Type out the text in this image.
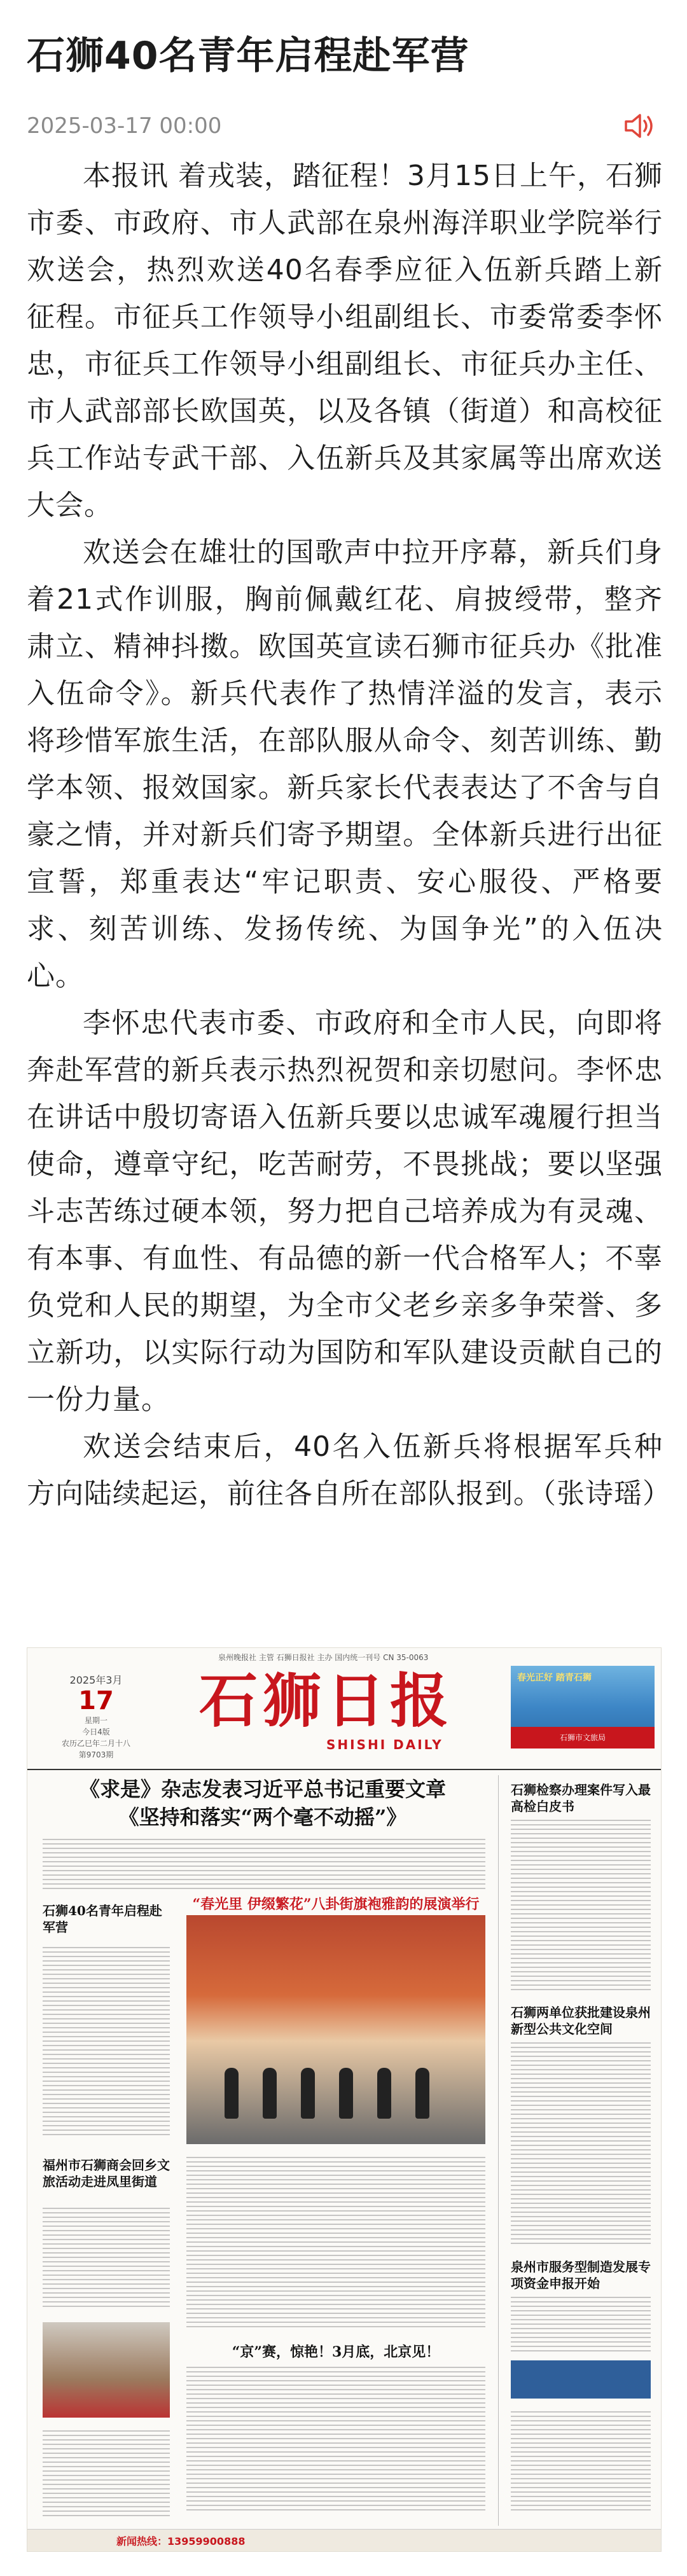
石狮40名青年启程赴军营
2025-03-17 00:00

本报讯 着戎装，踏征程！3月15日上午，石狮市委、市政府、市人武部在泉州海洋职业学院举行欢送会，热烈欢送40名春季应征入伍新兵踏上新征程。市征兵工作领导小组副组长、市委常委李怀忠，市征兵工作领导小组副组长、市征兵办主任、市人武部部长欧国英，以及各镇（街道）和高校征兵工作站专武干部、入伍新兵及其家属等出席欢送大会。

欢送会在雄壮的国歌声中拉开序幕，新兵们身着21式作训服，胸前佩戴红花、肩披绶带，整齐肃立、精神抖擞。欧国英宣读石狮市征兵办《批准入伍命令》。新兵代表作了热情洋溢的发言，表示将珍惜军旅生活，在部队服从命令、刻苦训练、勤学本领、报效国家。新兵家长代表表达了不舍与自豪之情，并对新兵们寄予期望。全体新兵进行出征宣誓，郑重表达“牢记职责、安心服役、严格要求、刻苦训练、发扬传统、为国争光”的入伍决心。

李怀忠代表市委、市政府和全市人民，向即将奔赴军营的新兵表示热烈祝贺和亲切慰问。李怀忠在讲话中殷切寄语入伍新兵要以忠诚军魂履行担当使命，遵章守纪，吃苦耐劳，不畏挑战；要以坚强斗志苦练过硬本领，努力把自己培养成为有灵魂、有本事、有血性、有品德的新一代合格军人；不辜负党和人民的期望，为全市父老乡亲多争荣誉、多立新功，以实际行动为国防和军队建设贡献自己的一份力量。

欢送会结束后，40名入伍新兵将根据军兵种方向陆续起运，前往各自所在部队报到。（张诗瑶）

泉州晚报社 主管 石狮日报社 主办 国内统一刊号 CN 35-0063
2025年3月
17
星期一
今日4版
农历乙巳年二月十八
第9703期
石狮日报
SHISHI DAILY
春光正好 踏青石狮
石狮市文旅局
《求是》杂志发表习近平总书记重要文章
《坚持和落实“两个毫不动摇”》
石狮40名青年启程赴军营
“春光里 伊缀繁花”八卦街旗袍雅韵的展演举行
福州市石狮商会回乡文旅活动走进凤里街道
“京”赛，惊艳！3月底，北京见！
石狮检察办理案件写入最高检白皮书
石狮两单位获批建设泉州新型公共文化空间
泉州市服务型制造发展专项资金申报开始
新闻热线：13959900888
